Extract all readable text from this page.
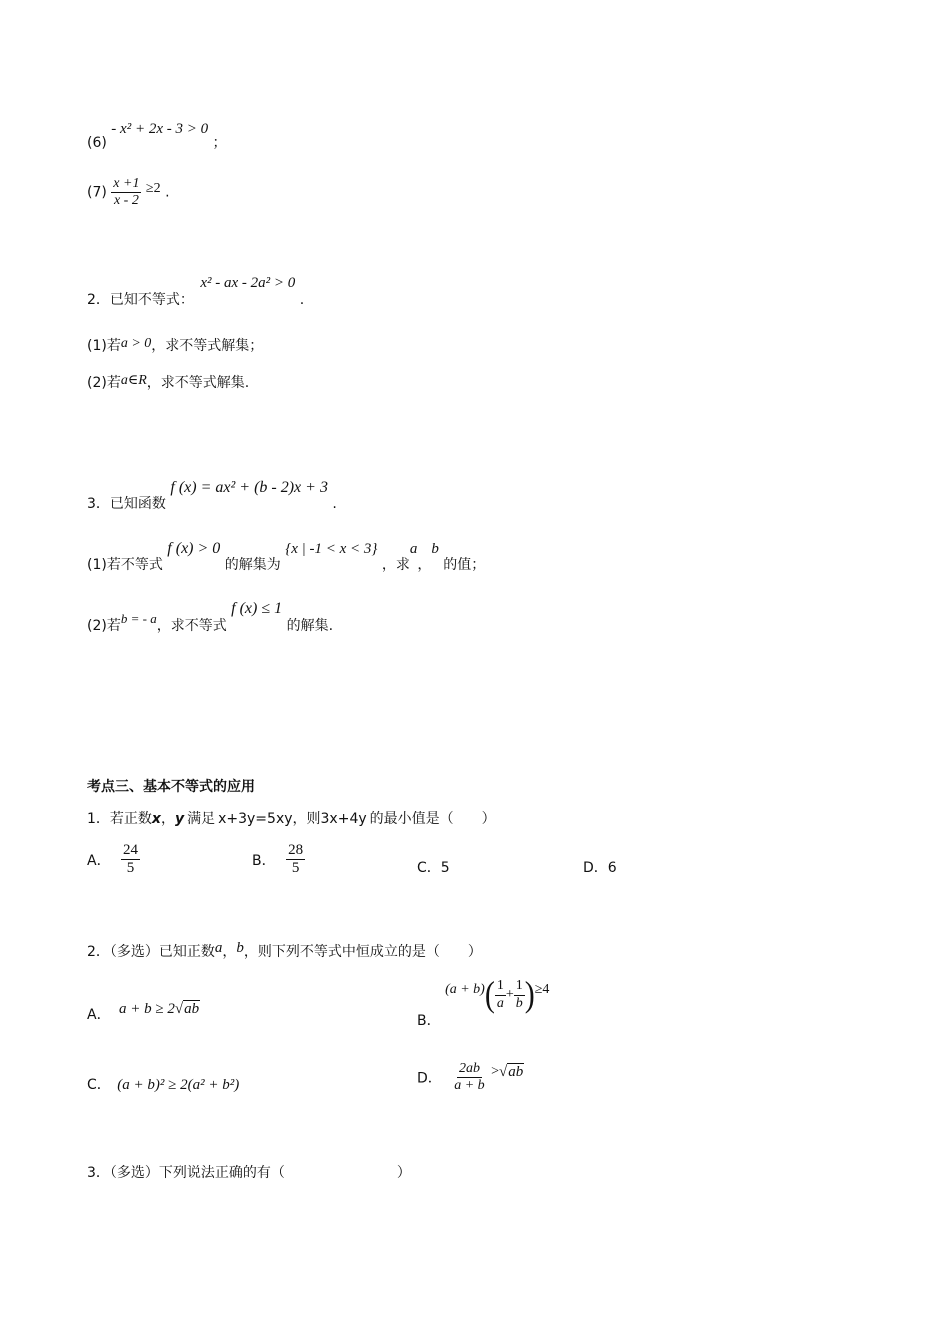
(6) - x² + 2x - 3 > 0 ；
$(7) \frac{x +1}{x - 2} \ge 2$ .
2．已知不等式： x² - ax - 2a² > 0 .
(1)若a > 0，求不等式解集；
(2)若a∈R，求不等式解集.
3．已知函数 f (x) = ax² + (b - 2)x + 3 .
(1)若不等式 f (x) > 0 的解集为 {x | -1 < x < 3} ，求a，b 的值；
(2)若b = - a，求不等式 f (x) ≤ 1 的解集.
考点三、基本不等式的应用
1．若正数x，y 满足 x+3y=5xy，则3x+4y 的最小值是（　　）
A． $\frac{24}{5}$	B． $\frac{28}{5}$	C．5	D．6
2．（多选）已知正数a，b，则下列不等式中恒成立的是（　　）
A． a + b ≥ 2√ab
B． $(a + b)( \frac{1}{a} + \frac{1}{b} )\ge 4$
C． (a + b)² ≥ 2(a² + b²)	D． $\frac{2ab}{a + b} >√ab$
3．（多选）下列说法正确的有（　　　　　　　　）
